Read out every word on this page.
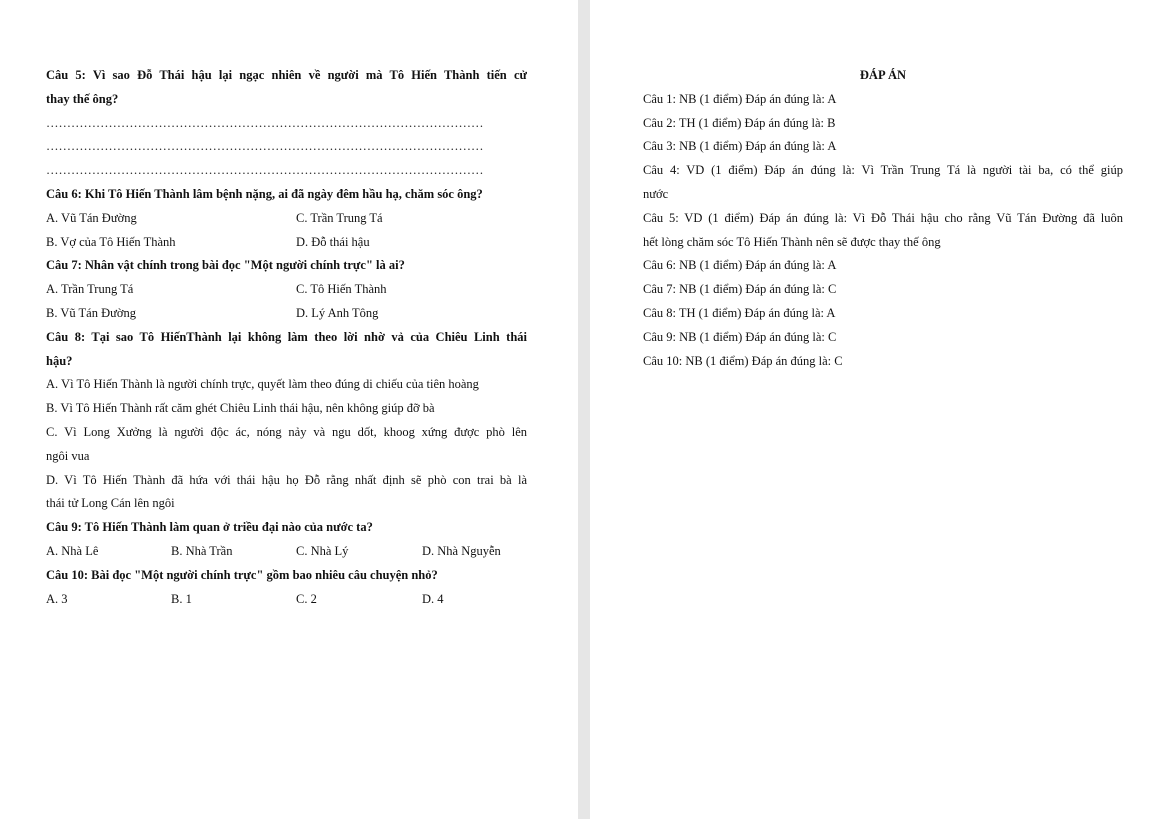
Câu 5: Vì sao Đỗ Thái hậu lại ngạc nhiên về người mà Tô Hiến Thành tiến cử
thay thế ông?
……………………………………………………………………………………………
……………………………………………………………………………………………
……………………………………………………………………………………………
Câu 6: Khi Tô Hiến Thành lâm bệnh nặng, ai đã ngày đêm hầu hạ, chăm sóc ông?
A. Vũ Tán Đường	C. Trần Trung Tá
B. Vợ của Tô Hiến Thành	D. Đỗ thái hậu
Câu 7: Nhân vật chính trong bài đọc "Một người chính trực" là ai?
A. Trần Trung Tá	C. Tô Hiến Thành
B. Vũ Tán Đường	D. Lý Anh Tông
Câu 8: Tại sao Tô HiếnThành lại không làm theo lời nhờ vả của Chiêu Linh thái
hậu?
A. Vì Tô Hiến Thành là người chính trực, quyết làm theo đúng di chiếu của tiên hoàng
B. Vì Tô Hiến Thành rất căm ghét Chiêu Linh thái hậu, nên không giúp đỡ bà
C. Vì Long Xưởng là người độc ác, nóng nảy và ngu dốt, khoog xứng được phò lên
ngôi vua
D. Vì Tô Hiến Thành đã hứa với thái hậu họ Đỗ rằng nhất định sẽ phò con trai bà là
thái tử Long Cán lên ngôi
Câu 9: Tô Hiến Thành làm quan ở triều đại nào của nước ta?
A. Nhà Lê	B. Nhà Trần	C. Nhà Lý	D. Nhà Nguyễn
Câu 10: Bài đọc "Một người chính trực" gồm bao nhiêu câu chuyện nhỏ?
A. 3	B. 1	C. 2	D. 4
ĐÁP ÁN
Câu 1: NB (1 điểm) Đáp án đúng là: A
Câu 2: TH (1 điểm) Đáp án đúng là: B
Câu 3: NB (1 điểm) Đáp án đúng là: A
Câu 4: VD (1 điểm) Đáp án đúng là: Vì Trần Trung Tá là người tài ba, có thể giúp
nước
Câu 5: VD (1 điểm) Đáp án đúng là: Vì Đỗ Thái hậu cho rằng Vũ Tán Đường đã luôn
hết lòng chăm sóc Tô Hiến Thành nên sẽ được thay thế ông
Câu 6: NB (1 điểm) Đáp án đúng là: A
Câu 7: NB (1 điểm) Đáp án đúng là: C
Câu 8: TH (1 điểm) Đáp án đúng là: A
Câu 9: NB (1 điểm) Đáp án đúng là: C
Câu 10: NB (1 điểm) Đáp án đúng là: C
